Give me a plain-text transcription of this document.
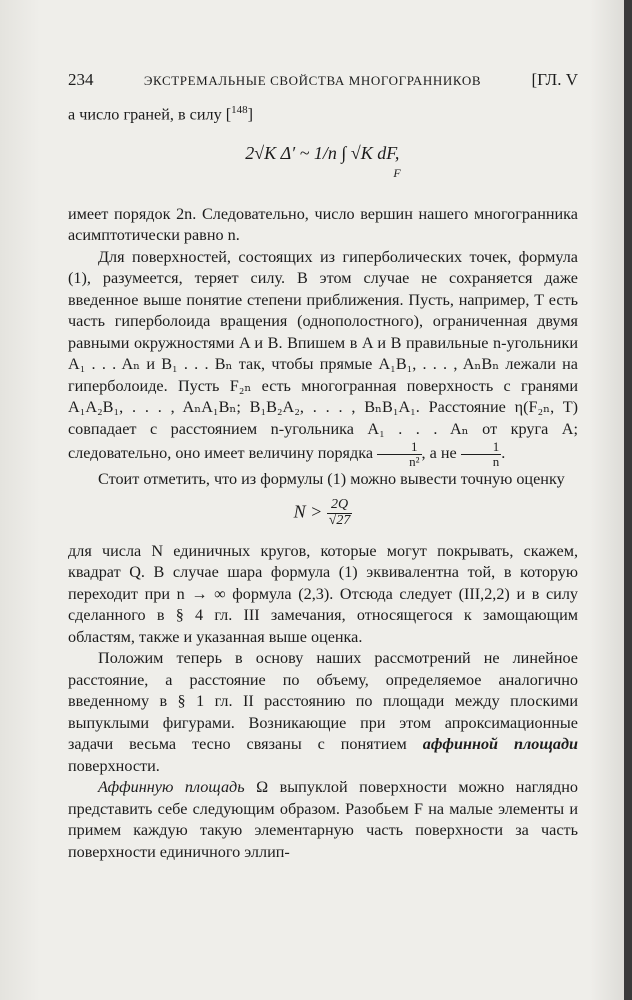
234	ЭКСТРЕМАЛЬНЫЕ СВОЙСТВА МНОГОГРАННИКОВ	[ГЛ. V

а число граней, в силу [$^{148}$]

2√K Δ′ ~ 1/n ∫ √K $dF,_F$

имеет порядок 2n. Следовательно, число вершин нашего многогранника асимптотически равно n.

Для поверхностей, состоящих из гиперболических точек, формула (1), разумеется, теряет силу. В этом случае не сохраняется даже введенное выше понятие степени приближения. Пусть, например, T есть часть гиперболоида вращения (однополостного), ограниченная двумя равными окружностями A и B. Впишем в A и B правильные n-угольники A₁ . . . Aₙ и B₁ . . . Bₙ так, чтобы прямые A₁B₁, . . . , AₙBₙ лежали на гиперболоиде. Пусть F₂ₙ есть многогранная поверхность с гранями A₁A₂B₁, . . . , AₙA₁Bₙ; B₁B₂A₂, . . . , BₙB₁A₁. Расстояние η(F₂ₙ, T) совпадает с расстоянием n-угольника A₁ . . . Aₙ от круга A; следовательно, оно имеет величину порядка $\frac{1}{\text{n²}}$ , а не $\frac{1}{n}$ .

Стоит отметить, что из формулы (1) можно вывести точную оценку

$N > \frac{2Q}{√27}$

для числа N единичных кругов, которые могут покрывать, скажем, квадрат Q. В случае шара формула (1) эквивалентна той, в которую переходит при n → ∞ формула (2,3). Отсюда следует (III,2,2) и в силу сделанного в § 4 гл. III замечания, относящегося к замощающим областям, также и указанная выше оценка.

Положим теперь в основу наших рассмотрений не линейное расстояние, а расстояние по объему, определяемое аналогично введенному в § 1 гл. II расстоянию по площади между плоскими выпуклыми фигурами. Возникающие при этом апроксимационные задачи весьма тесно связаны с понятием аффинной площади поверхности.

Аффинную площадь Ω выпуклой поверхности можно наглядно представить себе следующим образом. Разобьем F на малые элементы и примем каждую такую элементарную часть поверхности за часть поверхности единичного эллип-
